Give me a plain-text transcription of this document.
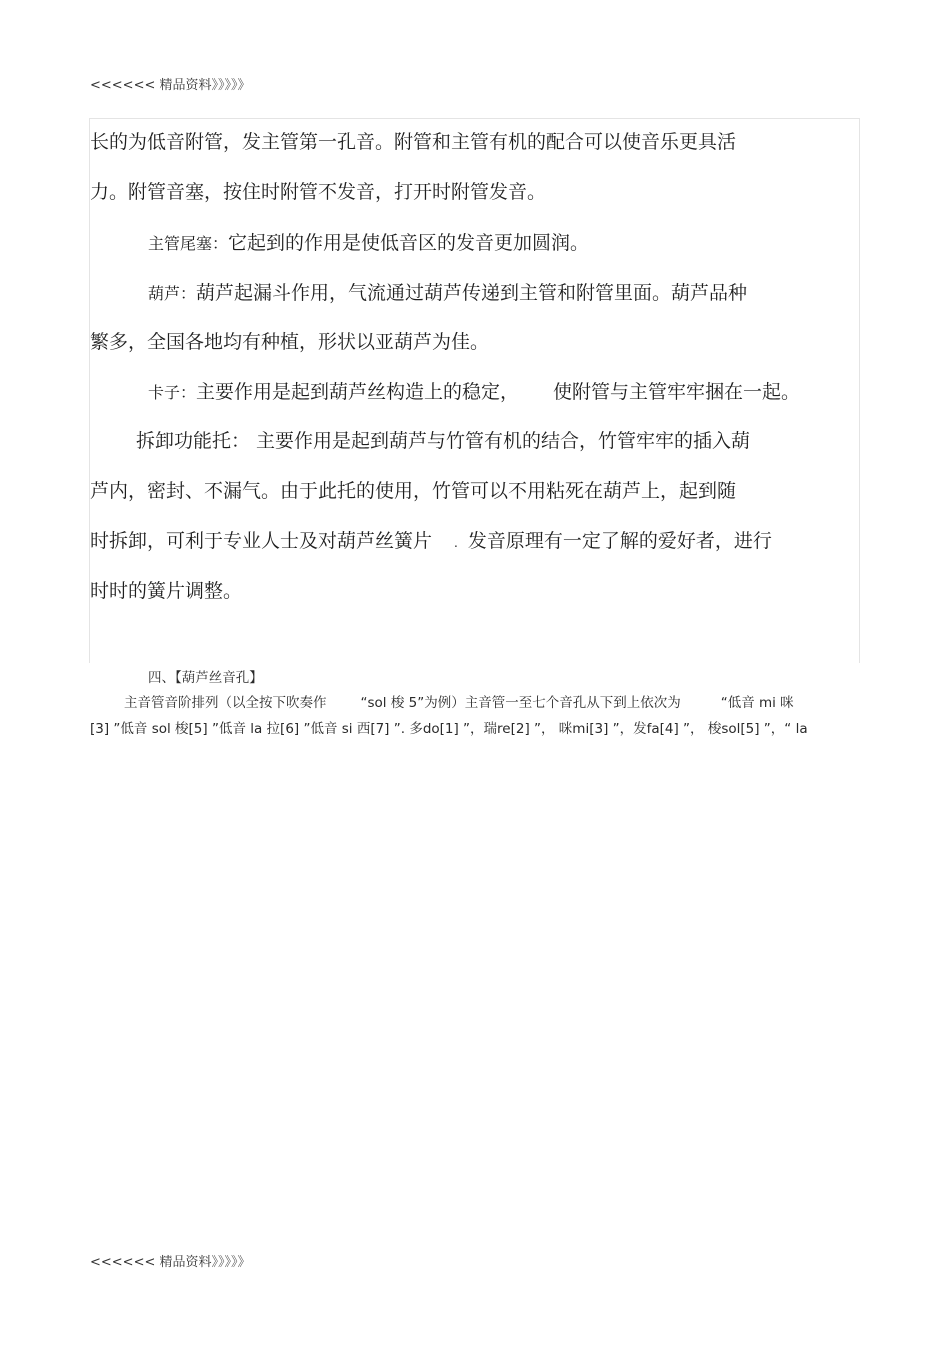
<<<<<< 精品资料》》》》》
长的为低音附管，发主管第一孔音。附管和主管有机的配合可以使音乐更具活
力。附管音塞，按住时附管不发音，打开时附管发音。
主管尾塞：它起到的作用是使低音区的发音更加圆润。
葫芦：葫芦起漏斗作用，气流通过葫芦传递到主管和附管里面。葫芦品种
繁多，全国各地均有种植，形状以亚葫芦为佳。
卡子：主要作用是起到葫芦丝构造上的稳定， 使附管与主管牢牢捆在一起。
拆卸功能托： 主要作用是起到葫芦与竹管有机的结合，竹管牢牢的插入葫
芦内，密封、不漏气。由于此托的使用，竹管可以不用粘死在葫芦上，起到随
时拆卸，可利于专业人士及对葫芦丝簧片 . 发音原理有一定了解的爱好者，进行
时时的簧片调整。
四、【葫芦丝音孔】
主音管音阶排列（以全按下吹奏作	“sol 梭 5”为例）主音管一至七个音孔从下到上依次为	“低音 mi 咪
[3] ”低音 sol 梭[5] ”低音 la 拉[6] ”低音 si 西[7] ”. 多do[1] ”，瑞re[2] ”， 咪mi[3] ”，发fa[4] ”， 梭sol[5] ”，“ la
<<<<<< 精品资料》》》》》
